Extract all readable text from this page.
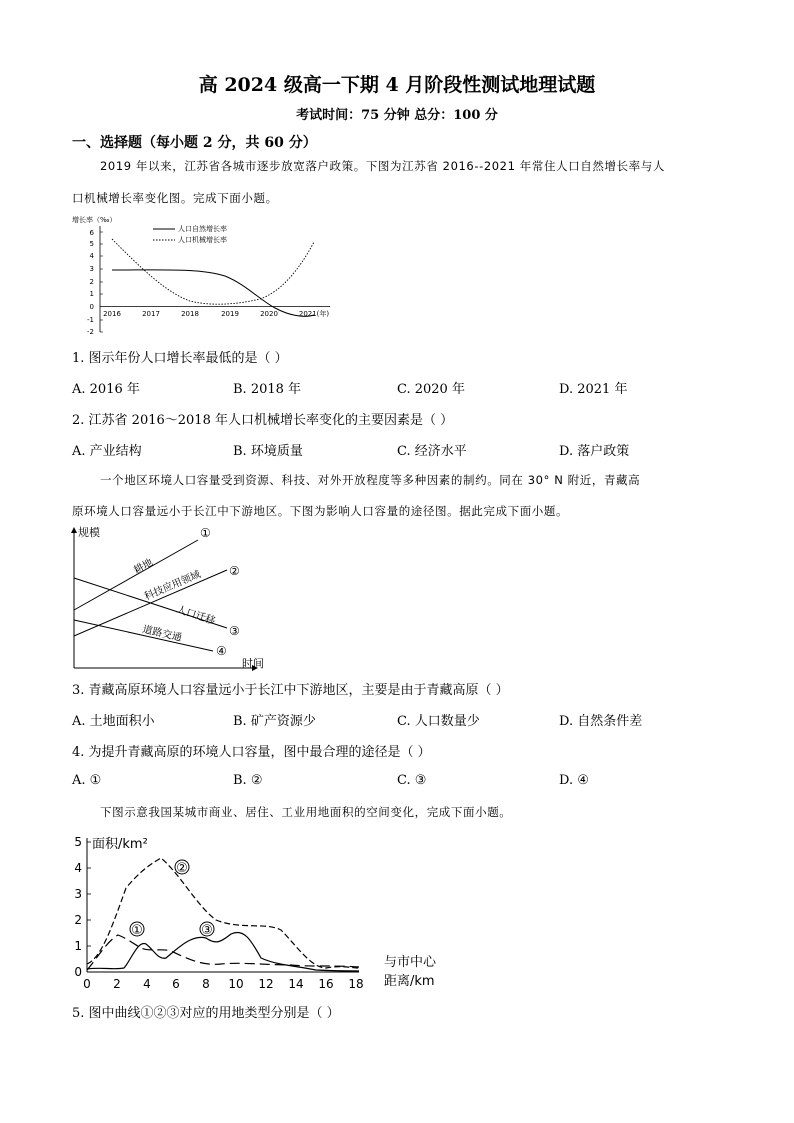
高 2024 级高一下期 4 月阶段性测试地理试题
考试时间：75 分钟 总分：100 分
一、选择题（每小题 2 分，共 60 分）
2019 年以来，江苏省各城市逐步放宽落户政策。下图为江苏省 2016--2021 年常住人口自然增长率与人
口机械增长率变化图。完成下面小题。
增长率（‰）
6
5
4
3
2
1
0
-1
-2
2016	2017	2018	2019	2020	2021(年)
人口自然增长率
人口机械增长率
1. 图示年份人口增长率最低的是（ ）
A. 2016 年	B. 2018 年	C. 2020 年	D. 2021 年
2. 江苏省 2016～2018 年人口机械增长率变化的主要因素是（ ）
A. 产业结构	B. 环境质量	C. 经济水平	D. 落户政策
一个地区环境人口容量受到资源、科技、对外开放程度等多种因素的制约。同在 30° N 附近，青藏高
原环境人口容量远小于长江中下游地区。下图为影响人口容量的途径图。据此完成下面小题。
规模
时间
耕地
科技应用领域
人口迁移
道路交通
①
②
③
④
3. 青藏高原环境人口容量远小于长江中下游地区，主要是由于青藏高原（ ）
A. 土地面积小	B. 矿产资源少	C. 人口数量少	D. 自然条件差
4. 为提升青藏高原的环境人口容量，图中最合理的途径是（ ）
A. ①	B. ②	C. ③	D. ④
下图示意我国某城市商业、居住、工业用地面积的空间变化，完成下面小题。
面积/km²
5
4
3
2
1
0
0 2 4 6 8 10 12 14 16 18
与市中心
距离/km
①
②
③
5. 图中曲线①②③对应的用地类型分别是（ ）
